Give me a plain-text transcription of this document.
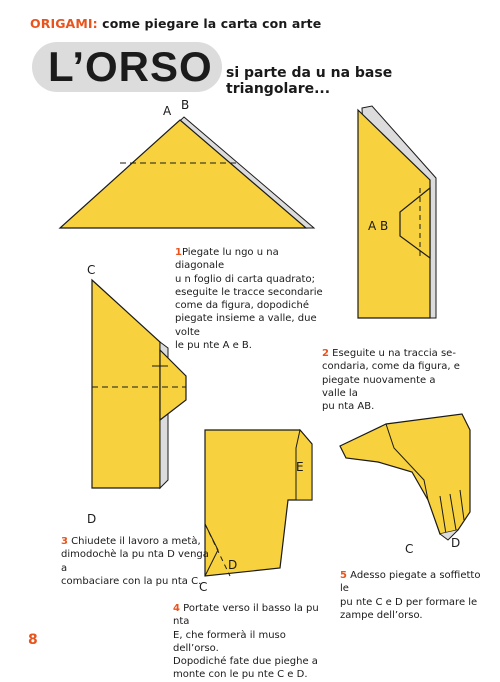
ORIGAMI: come piegare la carta con arte
L’ORSO si parte da u na base triangolare...
A B
A B
C
D
E
C
D
C	D
1Piegate lu ngo u na diagonale
u n foglio di carta quadrato;
eseguite le tracce secondarie
come da figura, dopodiché
piegate insieme a valle, due volte
le pu nte A e B.
2 Eseguite u na traccia se-
condaria, come da figura, e
piegate nuovamente a valle la
pu nta AB.
3 Chiudete il lavoro a metà,
dimodochè la pu nta D venga a
combaciare con la pu nta C.
4 Portate verso il basso la pu nta
E, che formerà il muso dell’orso.
Dopodiché fate due pieghe a
monte con le pu nte C e D.
5 Adesso piegate a soffietto le
pu nte C e D per formare le
zampe dell’orso.
8
